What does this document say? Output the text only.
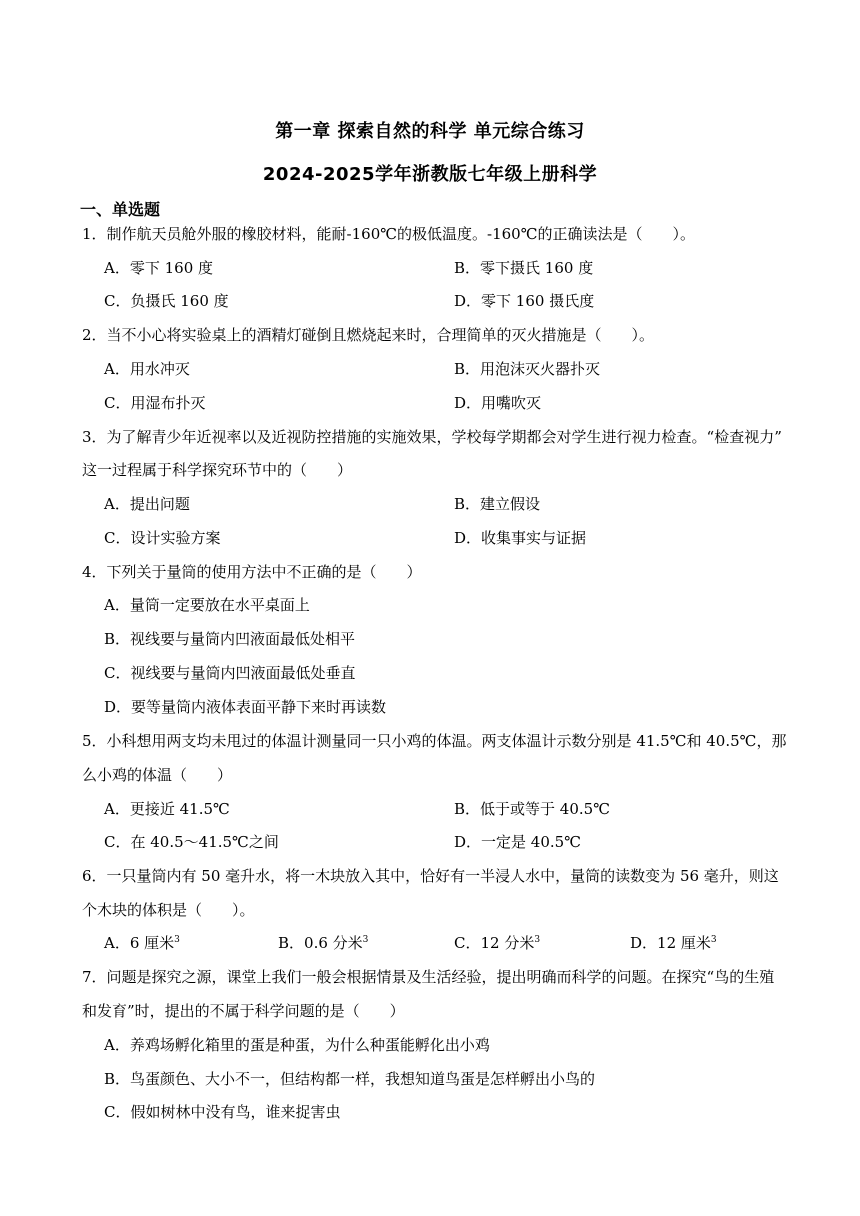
第一章 探索自然的科学 单元综合练习
2024-2025学年浙教版七年级上册科学
一、单选题
1．制作航天员舱外服的橡胶材料，能耐-160℃的极低温度。-160℃的正确读法是（　　）。
A．零下 160 度	B．零下摄氏 160 度
C．负摄氏 160 度	D．零下 160 摄氏度
2．当不小心将实验桌上的酒精灯碰倒且燃烧起来时，合理简单的灭火措施是（　　）。
A．用水冲灭	B．用泡沫灭火器扑灭
C．用湿布扑灭	D．用嘴吹灭
3．为了解青少年近视率以及近视防控措施的实施效果，学校每学期都会对学生进行视力检查。“检查视力”
这一过程属于科学探究环节中的（　　）
A．提出问题	B．建立假设
C．设计实验方案	D．收集事实与证据
4．下列关于量筒的使用方法中不正确的是（　　）
A．量筒一定要放在水平桌面上
B．视线要与量筒内凹液面最低处相平
C．视线要与量筒内凹液面最低处垂直
D．要等量筒内液体表面平静下来时再读数
5．小科想用两支均未甩过的体温计测量同一只小鸡的体温。两支体温计示数分别是 41.5℃和 40.5℃，那
么小鸡的体温（　　）
A．更接近 41.5℃	B．低于或等于 40.5℃
C．在 40.5～41.5℃之间	D．一定是 40.5℃
6．一只量筒内有 50 毫升水，将一木块放入其中，恰好有一半浸人水中，量筒的读数变为 56 毫升，则这
个木块的体积是（　　）。
A．6 厘米$^3$	B．0.6 分米$^3$	C．12 分米$^3$	D．12 厘米$^3$
7．问题是探究之源，课堂上我们一般会根据情景及生活经验，提出明确而科学的问题。在探究“鸟的生殖
和发育”时，提出的不属于科学问题的是（　　）
A．养鸡场孵化箱里的蛋是种蛋，为什么种蛋能孵化出小鸡
B．鸟蛋颜色、大小不一，但结构都一样，我想知道鸟蛋是怎样孵出小鸟的
C．假如树林中没有鸟，谁来捉害虫
